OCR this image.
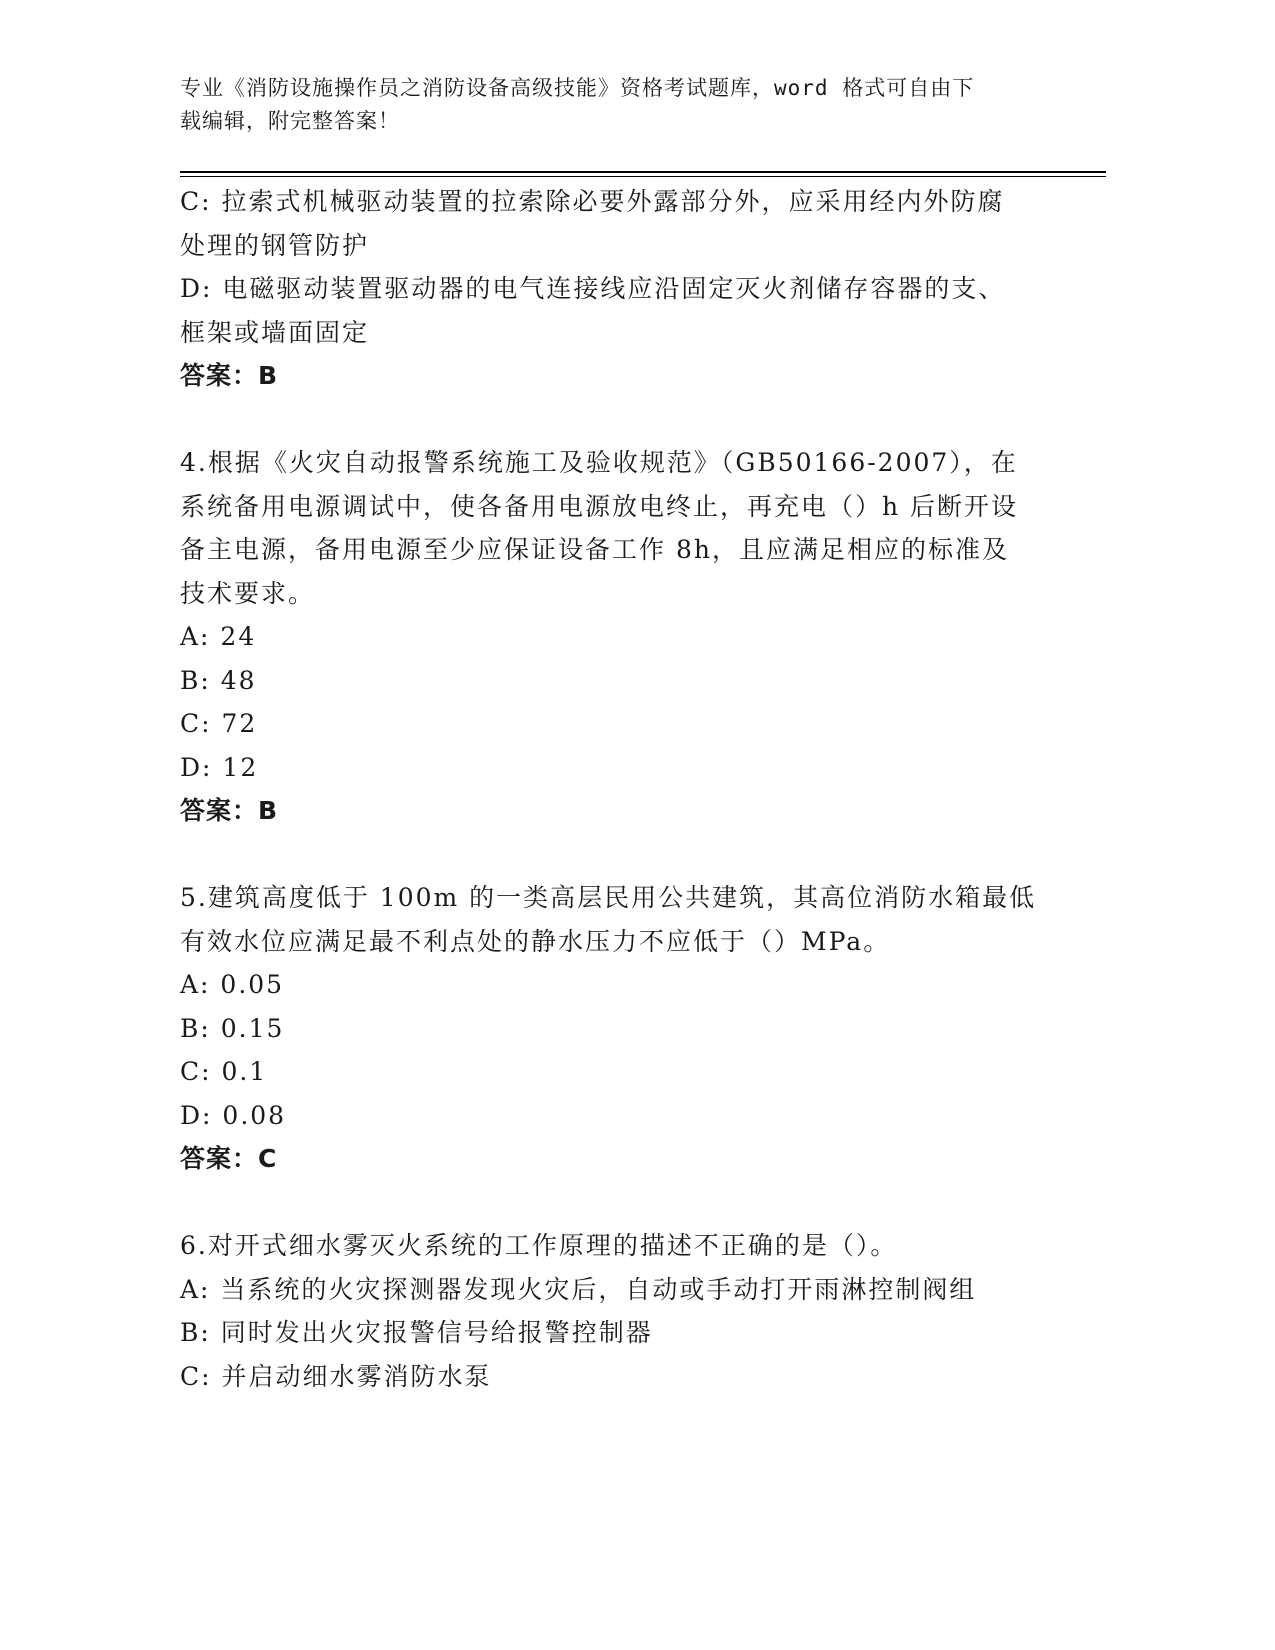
专业《消防设施操作员之消防设备高级技能》资格考试题库，word 格式可自由下
载编辑，附完整答案！
C: 拉索式机械驱动装置的拉索除必要外露部分外，应采用经内外防腐
处理的钢管防护
D: 电磁驱动装置驱动器的电气连接线应沿固定灭火剂储存容器的支、
框架或墙面固定
答案：B
4.根据《火灾自动报警系统施工及验收规范》（GB50166-2007），在
系统备用电源调试中，使各备用电源放电终止，再充电（）h 后断开设
备主电源，备用电源至少应保证设备工作 8h，且应满足相应的标准及
技术要求。
A: 24
B: 48
C: 72
D: 12
答案：B
5.建筑高度低于 100m 的一类高层民用公共建筑，其高位消防水箱最低
有效水位应满足最不利点处的静水压力不应低于（）MPa。
A: 0.05
B: 0.15
C: 0.1
D: 0.08
答案：C
6.对开式细水雾灭火系统的工作原理的描述不正确的是（）。
A: 当系统的火灾探测器发现火灾后，自动或手动打开雨淋控制阀组
B: 同时发出火灾报警信号给报警控制器
C: 并启动细水雾消防水泵
